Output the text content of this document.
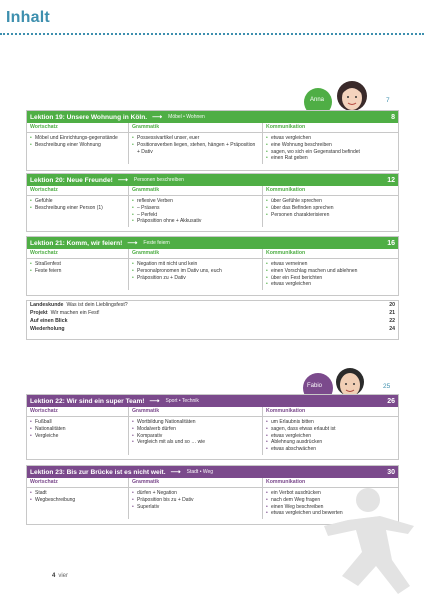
Inhalt
Anna	7
Lektion 19: Unsere Wohnung in Köln. ⟶ Möbel • Wohnen	8
Wortschatz
• Möbel und Einrichtungs-gegenstände
• Beschreibung einer Wohnung
Grammatik
• Possessivartikel unser, euer
• Positionsverben liegen, stehen, hängen + Präposition + Dativ
Kommunikation
• etwas vergleichen
• eine Wohnung beschreiben
• sagen, wo sich ein Gegenstand befindet
• einen Rat geben
Lektion 20: Neue Freunde! ⟶ Personen beschreiben	12
Wortschatz
• Gefühle
• Beschreibung einer Person (1)
Grammatik
• reflexive Verben
• – Präsens
• – Perfekt
• Präposition ohne + Akkusativ
Kommunikation
• über Gefühle sprechen
• über das Befinden sprechen
• Personen charakterisieren
Lektion 21: Komm, wir feiern! ⟶ Feste feiern	16
Wortschatz
• Straßenfest
• Feste feiern
Grammatik
• Negation mit nicht und kein
• Personalpronomen im Dativ uns, euch
• Präposition zu + Dativ
Kommunikation
• etwas verneinen
• einen Vorschlag machen und ablehnen
• über ein Fest berichten
• etwas vergleichen
Landeskunde Was ist dein Lieblingsfest?	20
Projekt Wir machen ein Fest!	21
Auf einen Blick	22
Wiederholung	24
Fabio	25
Lektion 22: Wir sind ein super Team! ⟶ Sport • Technik	26
Wortschatz
• Fußball
• Nationalitäten
• Vergleiche
Grammatik
• Wortbildung Nationalitäten
• Modalverb dürfen
• Komparativ
• Vergleich mit als und so … wie
Kommunikation
• um Erlaubnis bitten
• sagen, dass etwas erlaubt ist
• etwas vergleichen
• Ablehnung ausdrücken
• etwas abschwächen
Lektion 23: Bis zur Brücke ist es nicht weit. ⟶ Stadt • Weg	30
Wortschatz
• Stadt
• Wegbeschreibung
Grammatik
• dürfen + Negation
• Präposition bis zu + Dativ
• Superlativ
Kommunikation
• ein Verbot ausdrücken
• nach dem Weg fragen
• einen Weg beschreiben
• etwas vergleichen und bewerten
4 vier
